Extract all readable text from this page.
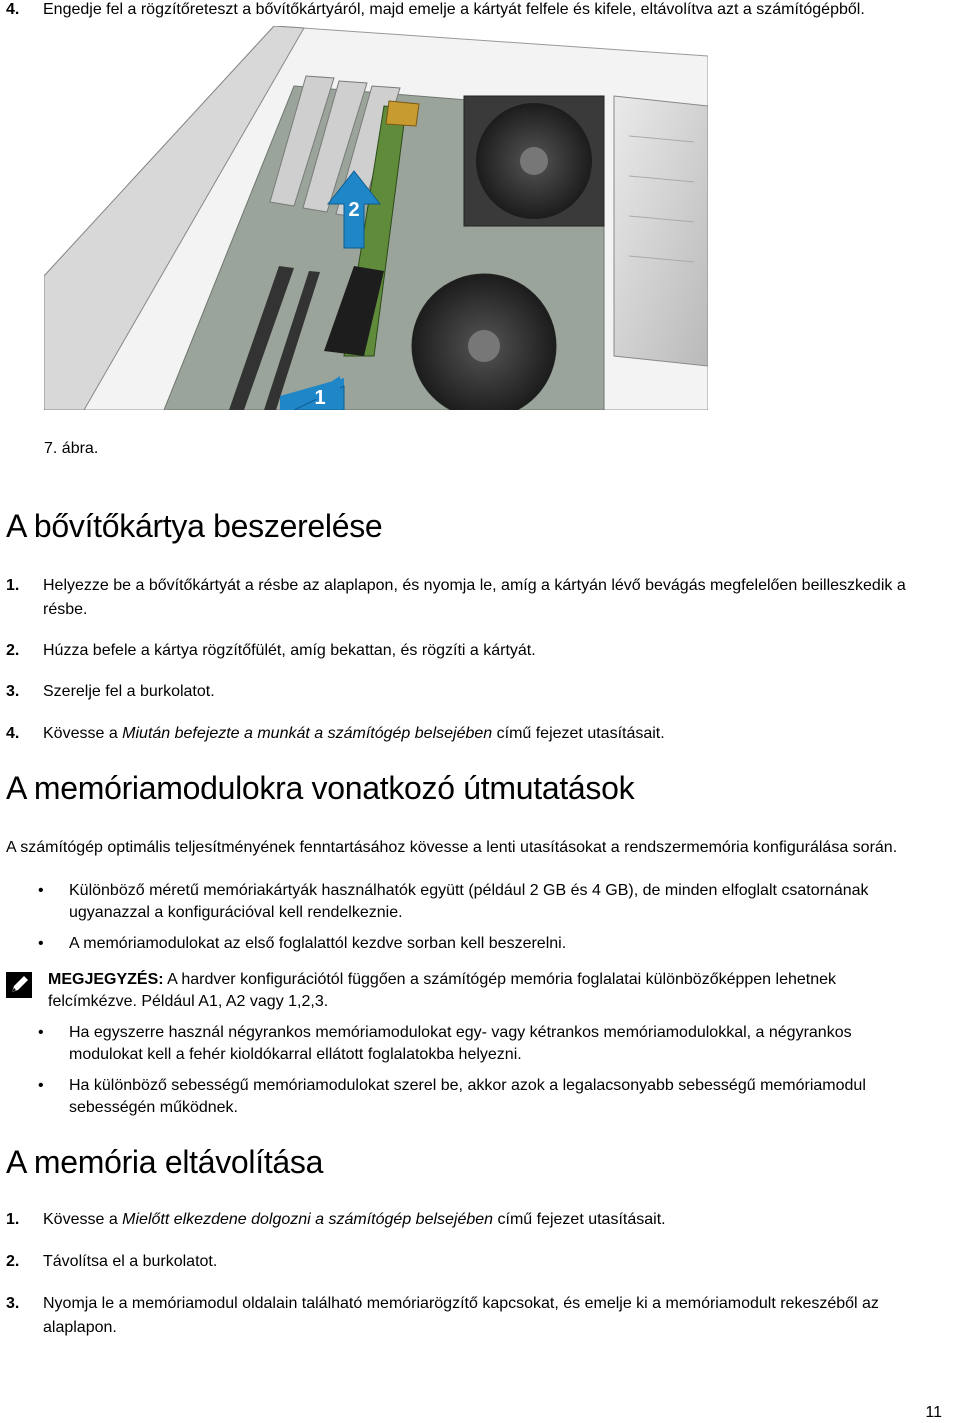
4. Engedje fel a rögzítőreteszt a bővítőkártyáról, majd emelje a kártyát felfele és kifele, eltávolítva azt a számítógépből.
2
1
7. ábra.
A bővítőkártya beszerelése
1. Helyezze be a bővítőkártyát a résbe az alaplapon, és nyomja le, amíg a kártyán lévő bevágás megfelelően beilleszkedik a résbe.
2. Húzza befele a kártya rögzítőfülét, amíg bekattan, és rögzíti a kártyát.
3. Szerelje fel a burkolatot.
4. Kövesse a Miután befejezte a munkát a számítógép belsejében című fejezet utasításait.
A memóriamodulokra vonatkozó útmutatások
A számítógép optimális teljesítményének fenntartásához kövesse a lenti utasításokat a rendszermemória konfigurálása során.
• Különböző méretű memóriakártyák használhatók együtt (például 2 GB és 4 GB), de minden elfoglalt csatornának ugyanazzal a konfigurációval kell rendelkeznie.
• A memóriamodulokat az első foglalattól kezdve sorban kell beszerelni.
MEGJEGYZÉS: A hardver konfigurációtól függően a számítógép memória foglalatai különbözőképpen lehetnek felcímkézve. Például A1, A2 vagy 1,2,3.
• Ha egyszerre használ négyrankos memóriamodulokat egy- vagy kétrankos memóriamodulokkal, a négyrankos modulokat kell a fehér kioldókarral ellátott foglalatokba helyezni.
• Ha különböző sebességű memóriamodulokat szerel be, akkor azok a legalacsonyabb sebességű memóriamodul sebességén működnek.
A memória eltávolítása
1. Kövesse a Mielőtt elkezdene dolgozni a számítógép belsejében című fejezet utasításait.
2. Távolítsa el a burkolatot.
3. Nyomja le a memóriamodul oldalain található memóriarögzítő kapcsokat, és emelje ki a memóriamodult rekeszéből az alaplapon.
11
